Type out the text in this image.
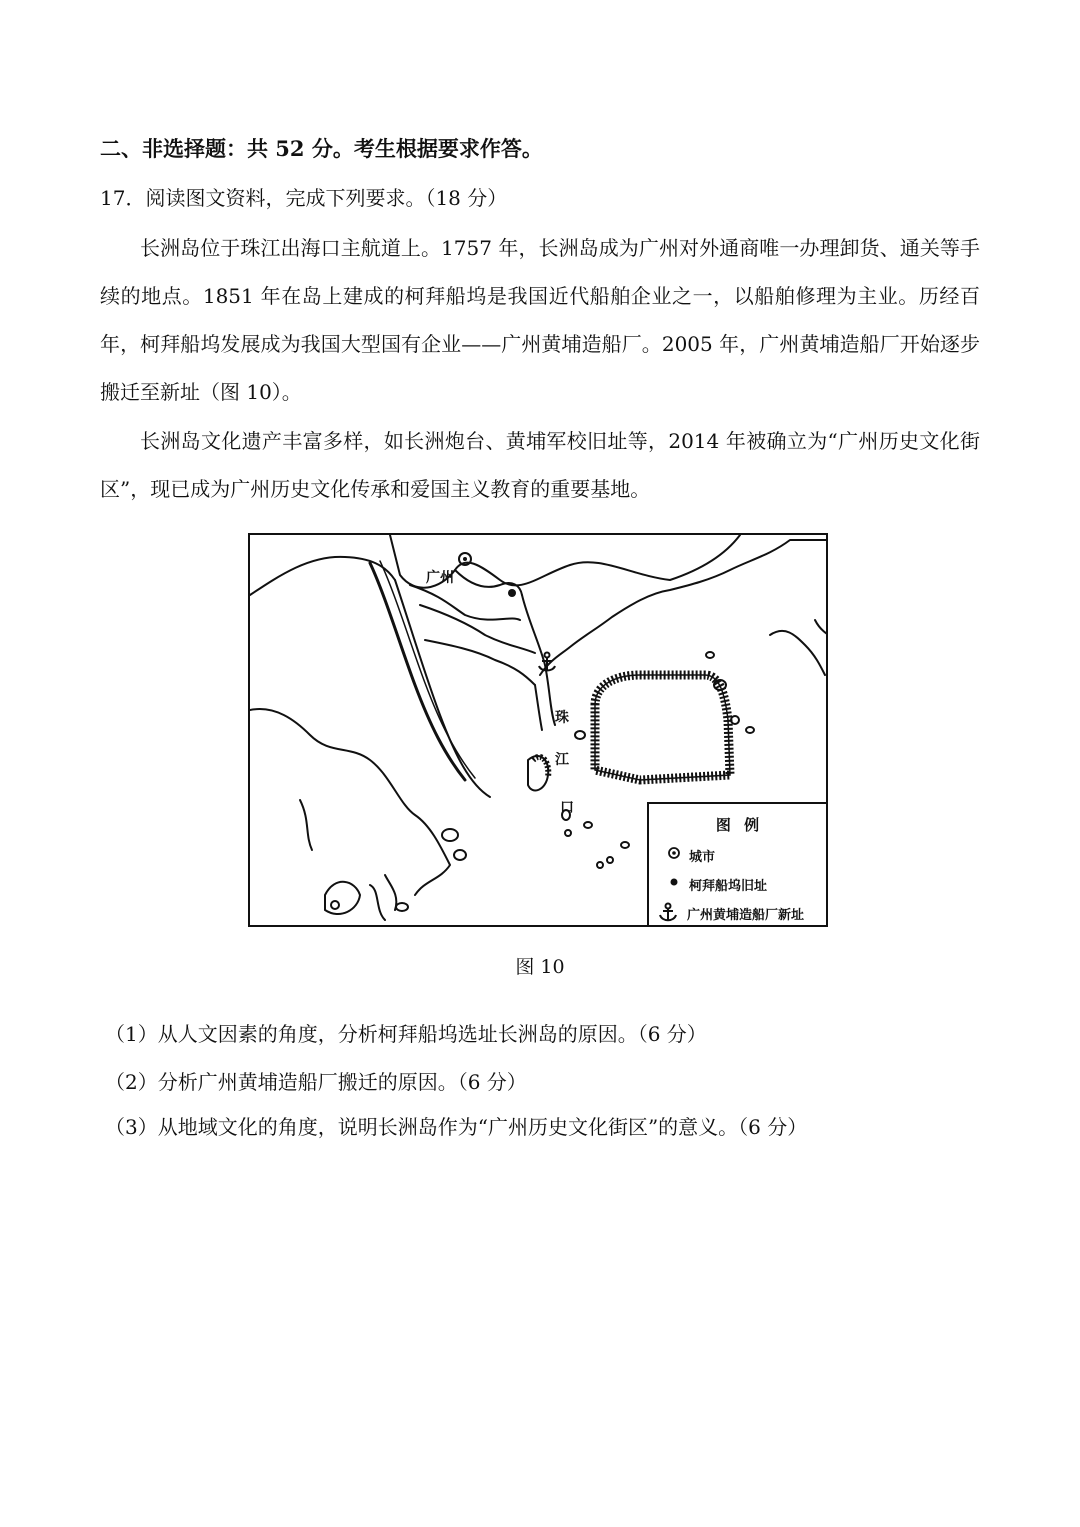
二、非选择题：共 52 分。考生根据要求作答。
17．阅读图文资料，完成下列要求。（18 分）
长洲岛位于珠江出海口主航道上。1757 年，长洲岛成为广州对外通商唯一办理卸货、通关等手续的地点。1851 年在岛上建成的柯拜船坞是我国近代船舶企业之一，以船舶修理为主业。历经百年，柯拜船坞发展成为我国大型国有企业——广州黄埔造船厂。2005 年，广州黄埔造船厂开始逐步搬迁至新址（图 10）。
长洲岛文化遗产丰富多样，如长洲炮台、黄埔军校旧址等，2014 年被确立为“广州历史文化街区”，现已成为广州历史文化传承和爱国主义教育的重要基地。
广州
珠
江
口
图 例
城市
柯拜船坞旧址
广州黄埔造船厂新址
图 10
（1）从人文因素的角度，分析柯拜船坞选址长洲岛的原因。（6 分）
（2）分析广州黄埔造船厂搬迁的原因。（6 分）
（3）从地域文化的角度，说明长洲岛作为“广州历史文化街区”的意义。（6 分）
